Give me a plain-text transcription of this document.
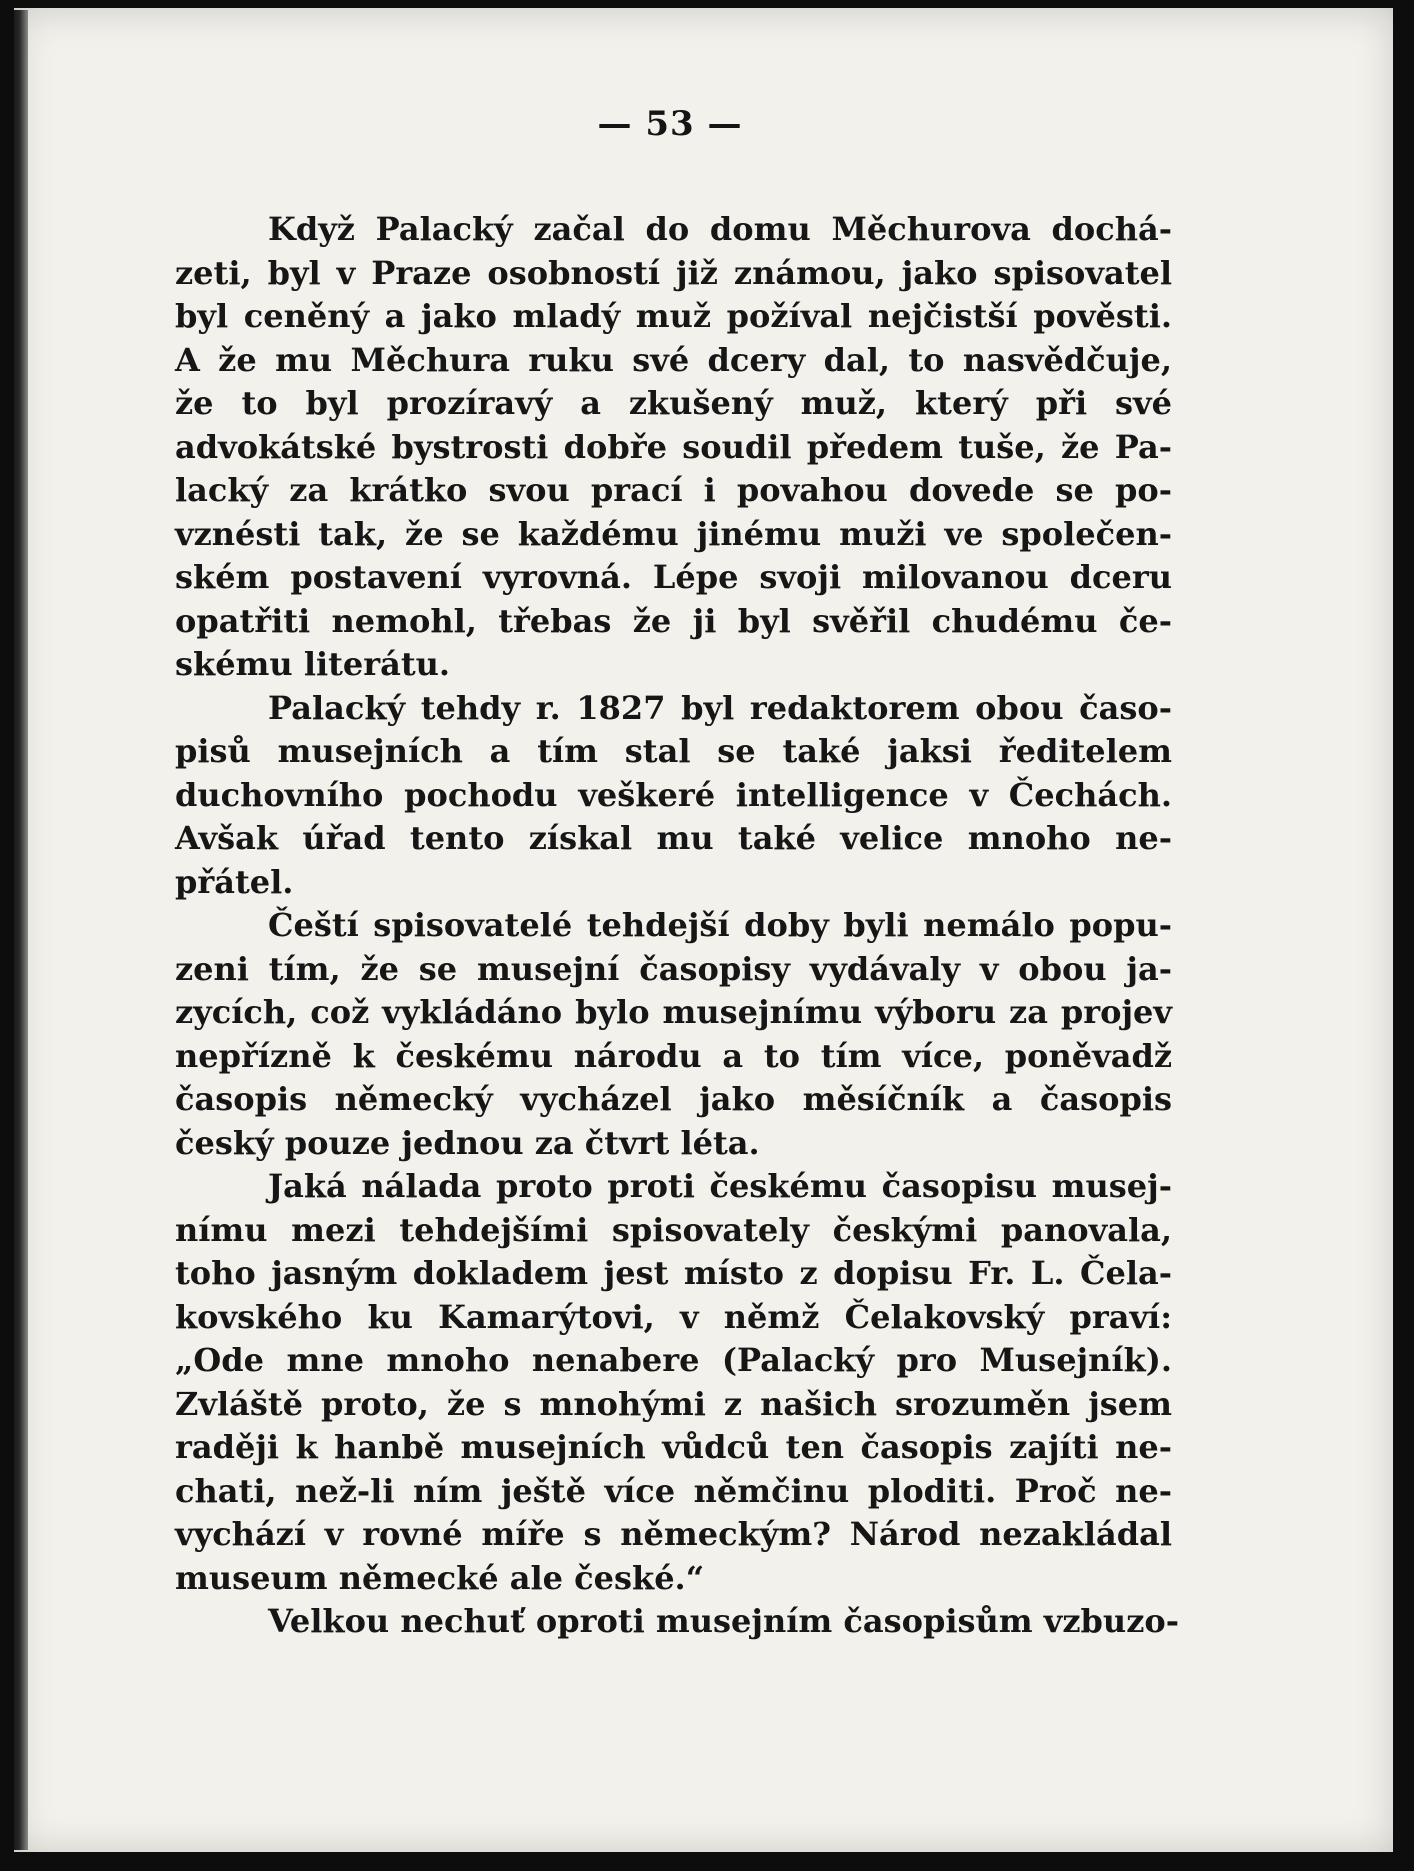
— 53 —
Když Palacký začal do domu Měchurova dochá-
zeti, byl v Praze osobností již známou, jako spisovatel
byl ceněný a jako mladý muž požíval nejčistší pověsti.
A že mu Měchura ruku své dcery dal, to nasvědčuje,
že to byl prozíravý a zkušený muž, který při své
advokátské bystrosti dobře soudil předem tuše, že Pa-
lacký za krátko svou prací i povahou dovede se po-
vznésti tak, že se každému jinému muži ve společen-
ském postavení vyrovná. Lépe svoji milovanou dceru
opatřiti nemohl, třebas že ji byl svěřil chudému če-
skému literátu.
Palacký tehdy r. 1827 byl redaktorem obou časo-
pisů musejních a tím stal se také jaksi ředitelem
duchovního pochodu veškeré intelligence v Čechách.
Avšak úřad tento získal mu také velice mnoho ne-
přátel.
Čeští spisovatelé tehdejší doby byli nemálo popu-
zeni tím, že se musejní časopisy vydávaly v obou ja-
zycích, což vykládáno bylo musejnímu výboru za projev
nepřízně k českému národu a to tím více, poněvadž
časopis německý vycházel jako měsíčník a časopis
český pouze jednou za čtvrt léta.
Jaká nálada proto proti českému časopisu musej-
nímu mezi tehdejšími spisovately českými panovala,
toho jasným dokladem jest místo z dopisu Fr. L. Čela-
kovského ku Kamarýtovi, v němž Čelakovský praví:
„Ode mne mnoho nenabere (Palacký pro Musejník).
Zvláště proto, že s mnohými z našich srozuměn jsem
raději k hanbě musejních vůdců ten časopis zajíti ne-
chati, než-li ním ještě více němčinu ploditi. Proč ne-
vychází v rovné míře s německým? Národ nezakládal
museum německé ale české.“
Velkou nechuť oproti musejním časopisům vzbuzo-
